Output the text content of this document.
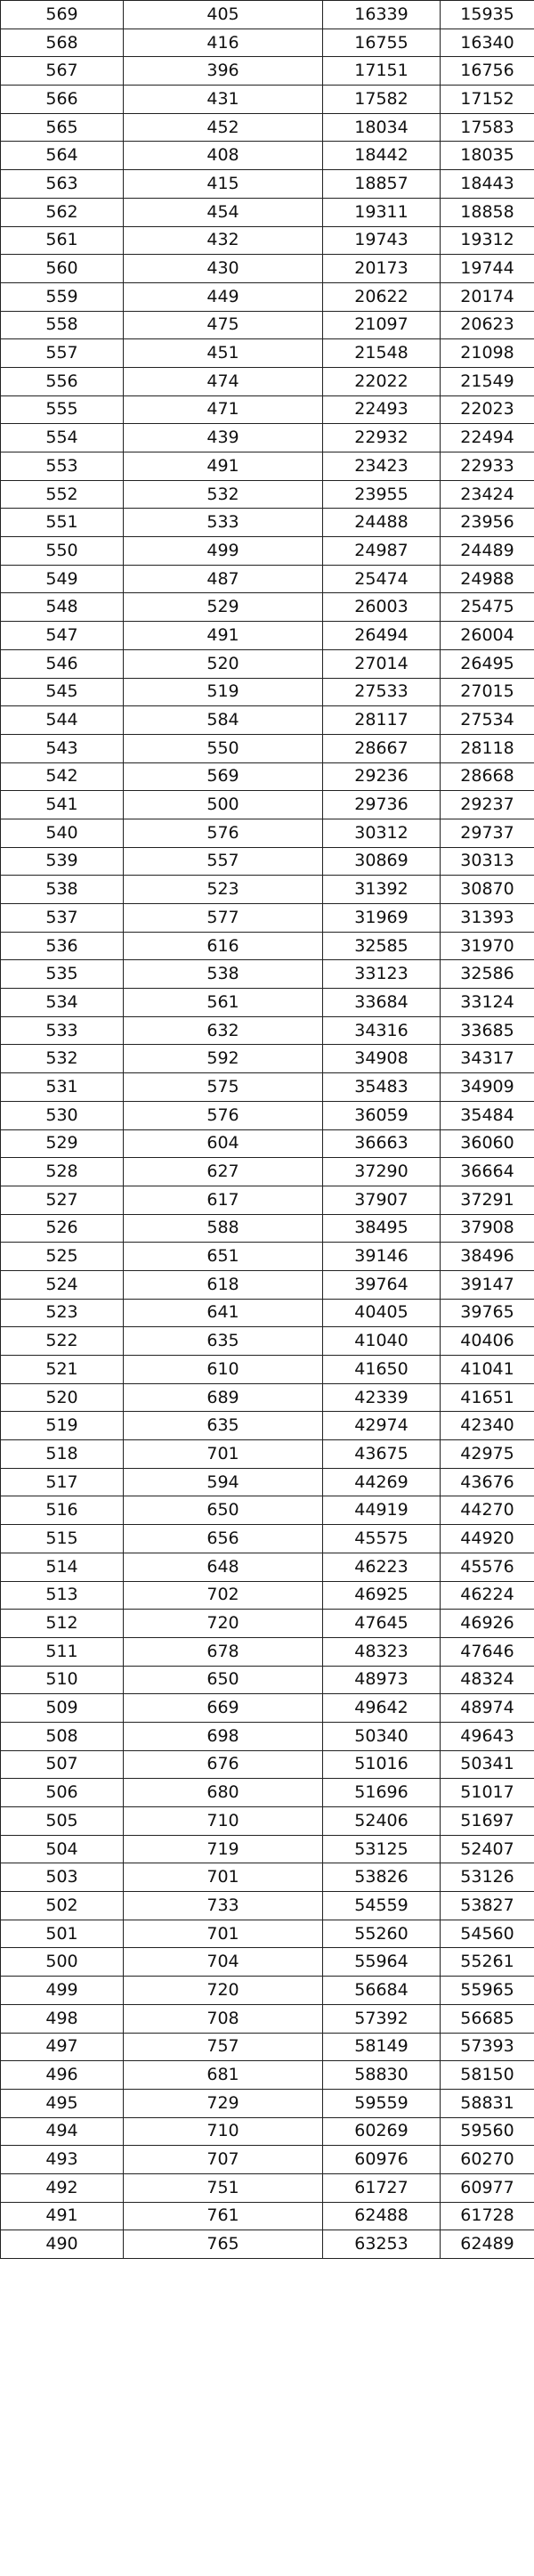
569	405	16339	15935
568	416	16755	16340
567	396	17151	16756
566	431	17582	17152
565	452	18034	17583
564	408	18442	18035
563	415	18857	18443
562	454	19311	18858
561	432	19743	19312
560	430	20173	19744
559	449	20622	20174
558	475	21097	20623
557	451	21548	21098
556	474	22022	21549
555	471	22493	22023
554	439	22932	22494
553	491	23423	22933
552	532	23955	23424
551	533	24488	23956
550	499	24987	24489
549	487	25474	24988
548	529	26003	25475
547	491	26494	26004
546	520	27014	26495
545	519	27533	27015
544	584	28117	27534
543	550	28667	28118
542	569	29236	28668
541	500	29736	29237
540	576	30312	29737
539	557	30869	30313
538	523	31392	30870
537	577	31969	31393
536	616	32585	31970
535	538	33123	32586
534	561	33684	33124
533	632	34316	33685
532	592	34908	34317
531	575	35483	34909
530	576	36059	35484
529	604	36663	36060
528	627	37290	36664
527	617	37907	37291
526	588	38495	37908
525	651	39146	38496
524	618	39764	39147
523	641	40405	39765
522	635	41040	40406
521	610	41650	41041
520	689	42339	41651
519	635	42974	42340
518	701	43675	42975
517	594	44269	43676
516	650	44919	44270
515	656	45575	44920
514	648	46223	45576
513	702	46925	46224
512	720	47645	46926
511	678	48323	47646
510	650	48973	48324
509	669	49642	48974
508	698	50340	49643
507	676	51016	50341
506	680	51696	51017
505	710	52406	51697
504	719	53125	52407
503	701	53826	53126
502	733	54559	53827
501	701	55260	54560
500	704	55964	55261
499	720	56684	55965
498	708	57392	56685
497	757	58149	57393
496	681	58830	58150
495	729	59559	58831
494	710	60269	59560
493	707	60976	60270
492	751	61727	60977
491	761	62488	61728
490	765	63253	62489
